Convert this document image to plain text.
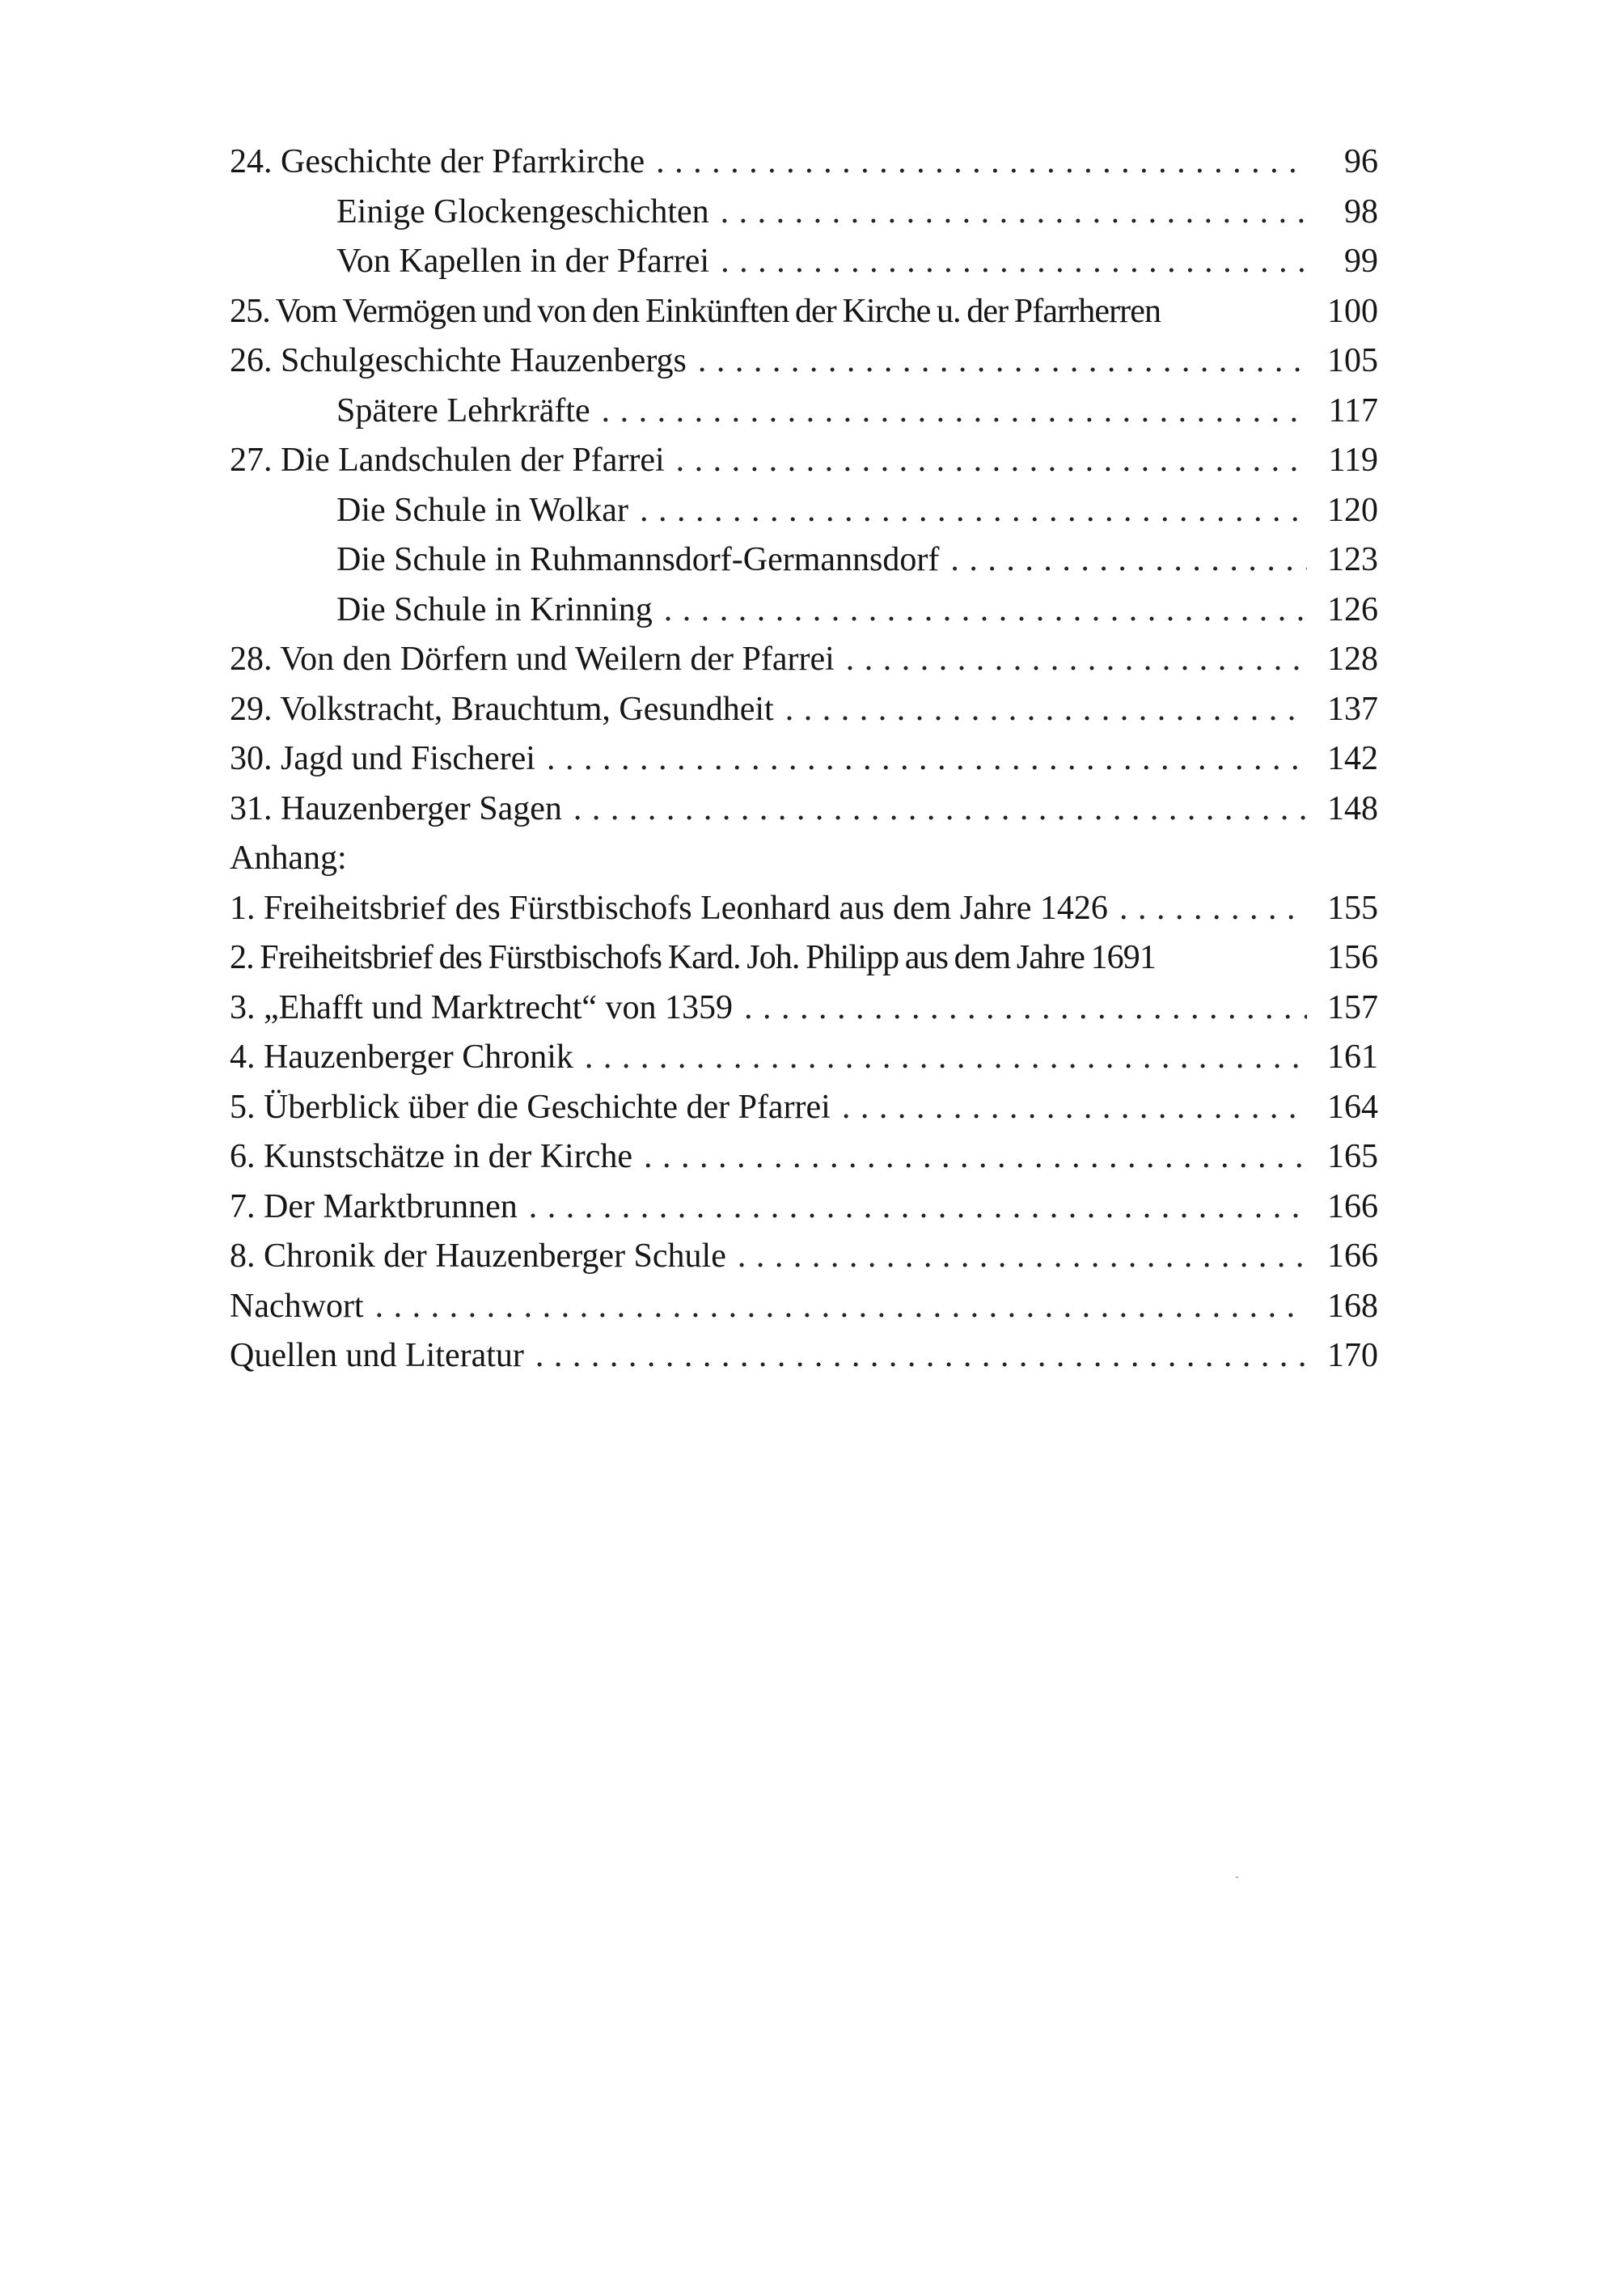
24. Geschichte der Pfarrkirche . . .	96
Einige Glockengeschichten . . .	98
Von Kapellen in der Pfarrei . . .	99
25. Vom Vermögen und von den Einkünften der Kirche u. der Pfarrherren	100
26. Schulgeschichte Hauzenbergs . . .	105
Spätere Lehrkräfte . . .	117
27. Die Landschulen der Pfarrei . . .	119
Die Schule in Wolkar . . .	120
Die Schule in Ruhmannsdorf-Germannsdorf . . .	123
Die Schule in Krinning . . .	126
28. Von den Dörfern und Weilern der Pfarrei . . .	128
29. Volkstracht, Brauchtum, Gesundheit . . .	137
30. Jagd und Fischerei . . .	142
31. Hauzenberger Sagen . . .	148
Anhang:
1. Freiheitsbrief des Fürstbischofs Leonhard aus dem Jahre 1426 . . .	155
2. Freiheitsbrief des Fürstbischofs Kard. Joh. Philipp aus dem Jahre 1691	156
3. „Ehafft und Marktrecht“ von 1359 . . .	157
4. Hauzenberger Chronik . . .	161
5. Überblick über die Geschichte der Pfarrei . . .	164
6. Kunstschätze in der Kirche . . .	165
7. Der Marktbrunnen . . .	166
8. Chronik der Hauzenberger Schule . . .	166
Nachwort . . .	168
Quellen und Literatur . . .	170
